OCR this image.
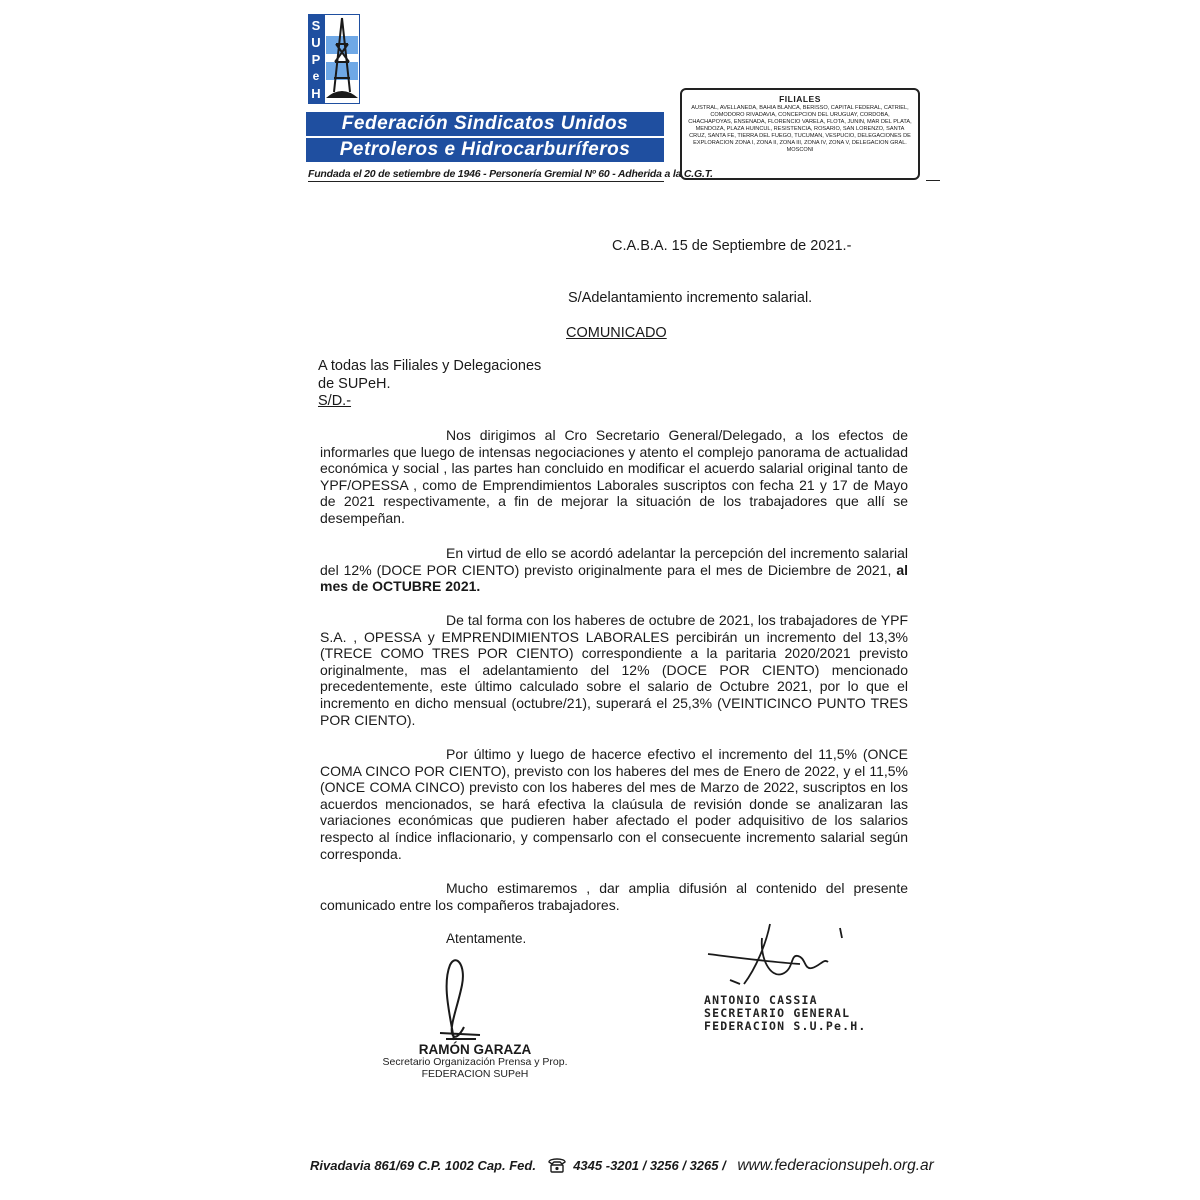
S
U
P
e
H
Federación Sindicatos Unidos
Petroleros e Hidrocarburíferos
Fundada el 20 de setiembre de 1946 - Personería Gremial Nº 60 - Adherida a la C.G.T.
FILIALES
AUSTRAL, AVELLANEDA, BAHIA BLANCA, BERISSO, CAPITAL FEDERAL, CATRIEL, COMODORO RIVADAVIA, CONCEPCION DEL URUGUAY, CORDOBA, CHACHAPOYAS, ENSENADA, FLORENCIO VARELA, FLOTA, JUNIN, MAR DEL PLATA, MENDOZA, PLAZA HUINCUL, RESISTENCIA, ROSARIO, SAN LORENZO, SANTA CRUZ, SANTA FE, TIERRA DEL FUEGO, TUCUMAN, VESPUCIO, DELEGACIONES DE EXPLORACION ZONA I, ZONA II, ZONA III, ZONA IV, ZONA V, DELEGACION GRAL. MOSCONI
C.A.B.A. 15 de Septiembre de 2021.-
S/Adelantamiento incremento salarial.
COMUNICADO
A todas las Filiales y Delegaciones
de SUPeH.
S/D.-
Nos dirigimos al Cro Secretario General/Delegado, a los efectos de informarles que luego de intensas negociaciones y atento el complejo panorama de actualidad económica y social , las partes han concluido en modificar el acuerdo salarial original tanto de YPF/OPESSA , como de Emprendimientos Laborales suscriptos con fecha 21 y 17 de Mayo de 2021 respectivamente, a fin de mejorar la situación de los trabajadores que allí se desempeñan.
En virtud de ello se acordó adelantar la percepción del incremento salarial del 12% (DOCE POR CIENTO) previsto originalmente para el mes de Diciembre de 2021, al mes de OCTUBRE 2021.
De tal forma con los haberes de octubre de 2021, los trabajadores de YPF S.A. , OPESSA y EMPRENDIMIENTOS LABORALES percibirán un incremento del 13,3% (TRECE COMO TRES POR CIENTO) correspondiente a la paritaria 2020/2021 previsto originalmente, mas el adelantamiento del 12% (DOCE POR CIENTO) mencionado precedentemente, este último calculado sobre el salario de Octubre 2021, por lo que el incremento en dicho mensual (octubre/21), superará el 25,3% (VEINTICINCO PUNTO TRES POR CIENTO).
Por último y luego de hacerce efectivo el incremento del 11,5% (ONCE COMA CINCO POR CIENTO), previsto con los haberes del mes de Enero de 2022, y el 11,5% (ONCE COMA CINCO) previsto con los haberes del mes de Marzo de 2022, suscriptos en los acuerdos mencionados, se hará efectiva la claúsula de revisión donde se analizaran las variaciones económicas que pudieren haber afectado el poder adquisitivo de los salarios respecto al índice inflacionario, y compensarlo con el consecuente incremento salarial según corresponda.
Mucho estimaremos , dar amplia difusión al contenido del presente comunicado entre los compañeros trabajadores.
Atentamente.
RAMÓN GARAZA
Secretario Organización Prensa y Prop.
FEDERACION SUPeH
ANTONIO CASSIA
SECRETARIO GENERAL
FEDERACION S.U.Pe.H.
Rivadavia 861/69 C.P. 1002 Cap. Fed.	4345 -3201 / 3256 / 3265 / www.federacionsupeh.org.ar
